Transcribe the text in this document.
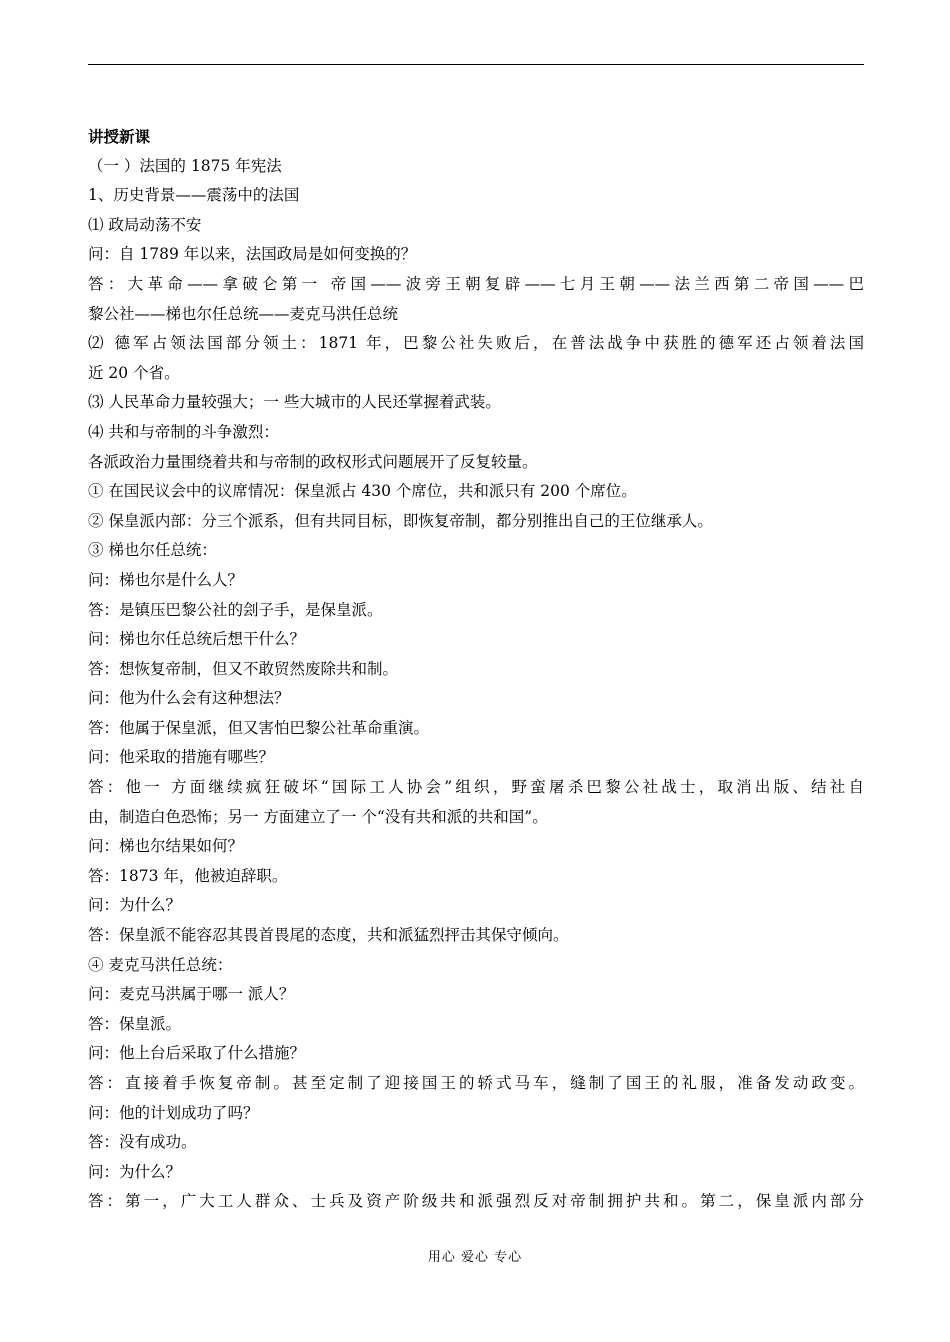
讲授新课
（一 ）法国的 1875 年宪法
1、历史背景——震荡中的法国
⑴ 政局动荡不安
问：自 1789 年以来，法国政局是如何变换的？
答：大革命——拿破仑第一 帝国——波旁王朝复辟——七月王朝——法兰西第二帝国——巴
黎公社——梯也尔任总统——麦克马洪任总统
⑵ 德军占领法国部分领土：1871 年，巴黎公社失败后，在普法战争中获胜的德军还占领着法国
近 20 个省。
⑶ 人民革命力量较强大；一 些大城市的人民还掌握着武装。
⑷ 共和与帝制的斗争激烈：
各派政治力量围绕着共和与帝制的政权形式问题展开了反复较量。
① 在国民议会中的议席情况：保皇派占 430 个席位，共和派只有 200 个席位。
② 保皇派内部：分三个派系，但有共同目标，即恢复帝制，都分别推出自己的王位继承人。
③ 梯也尔任总统：
问：梯也尔是什么人？
答：是镇压巴黎公社的刽子手，是保皇派。
问：梯也尔任总统后想干什么？
答：想恢复帝制，但又不敢贸然废除共和制。
问：他为什么会有这种想法？
答：他属于保皇派，但又害怕巴黎公社革命重演。
问：他采取的措施有哪些？
答：他一 方面继续疯狂破坏“国际工人协会”组织，野蛮屠杀巴黎公社战士，取消出版、结社自
由，制造白色恐怖；另一 方面建立了一 个“没有共和派的共和国”。
问：梯也尔结果如何？
答：1873 年，他被迫辞职。
问：为什么？
答：保皇派不能容忍其畏首畏尾的态度，共和派猛烈抨击其保守倾向。
④ 麦克马洪任总统：
问：麦克马洪属于哪一 派人？
答：保皇派。
问：他上台后采取了什么措施？
答：直接着手恢复帝制。甚至定制了迎接国王的轿式马车，缝制了国王的礼服，准备发动政变。
问：他的计划成功了吗？
答：没有成功。
问：为什么？
答：第一，广大工人群众、士兵及资产阶级共和派强烈反对帝制拥护共和。第二，保皇派内部分
用心 爱心 专心
